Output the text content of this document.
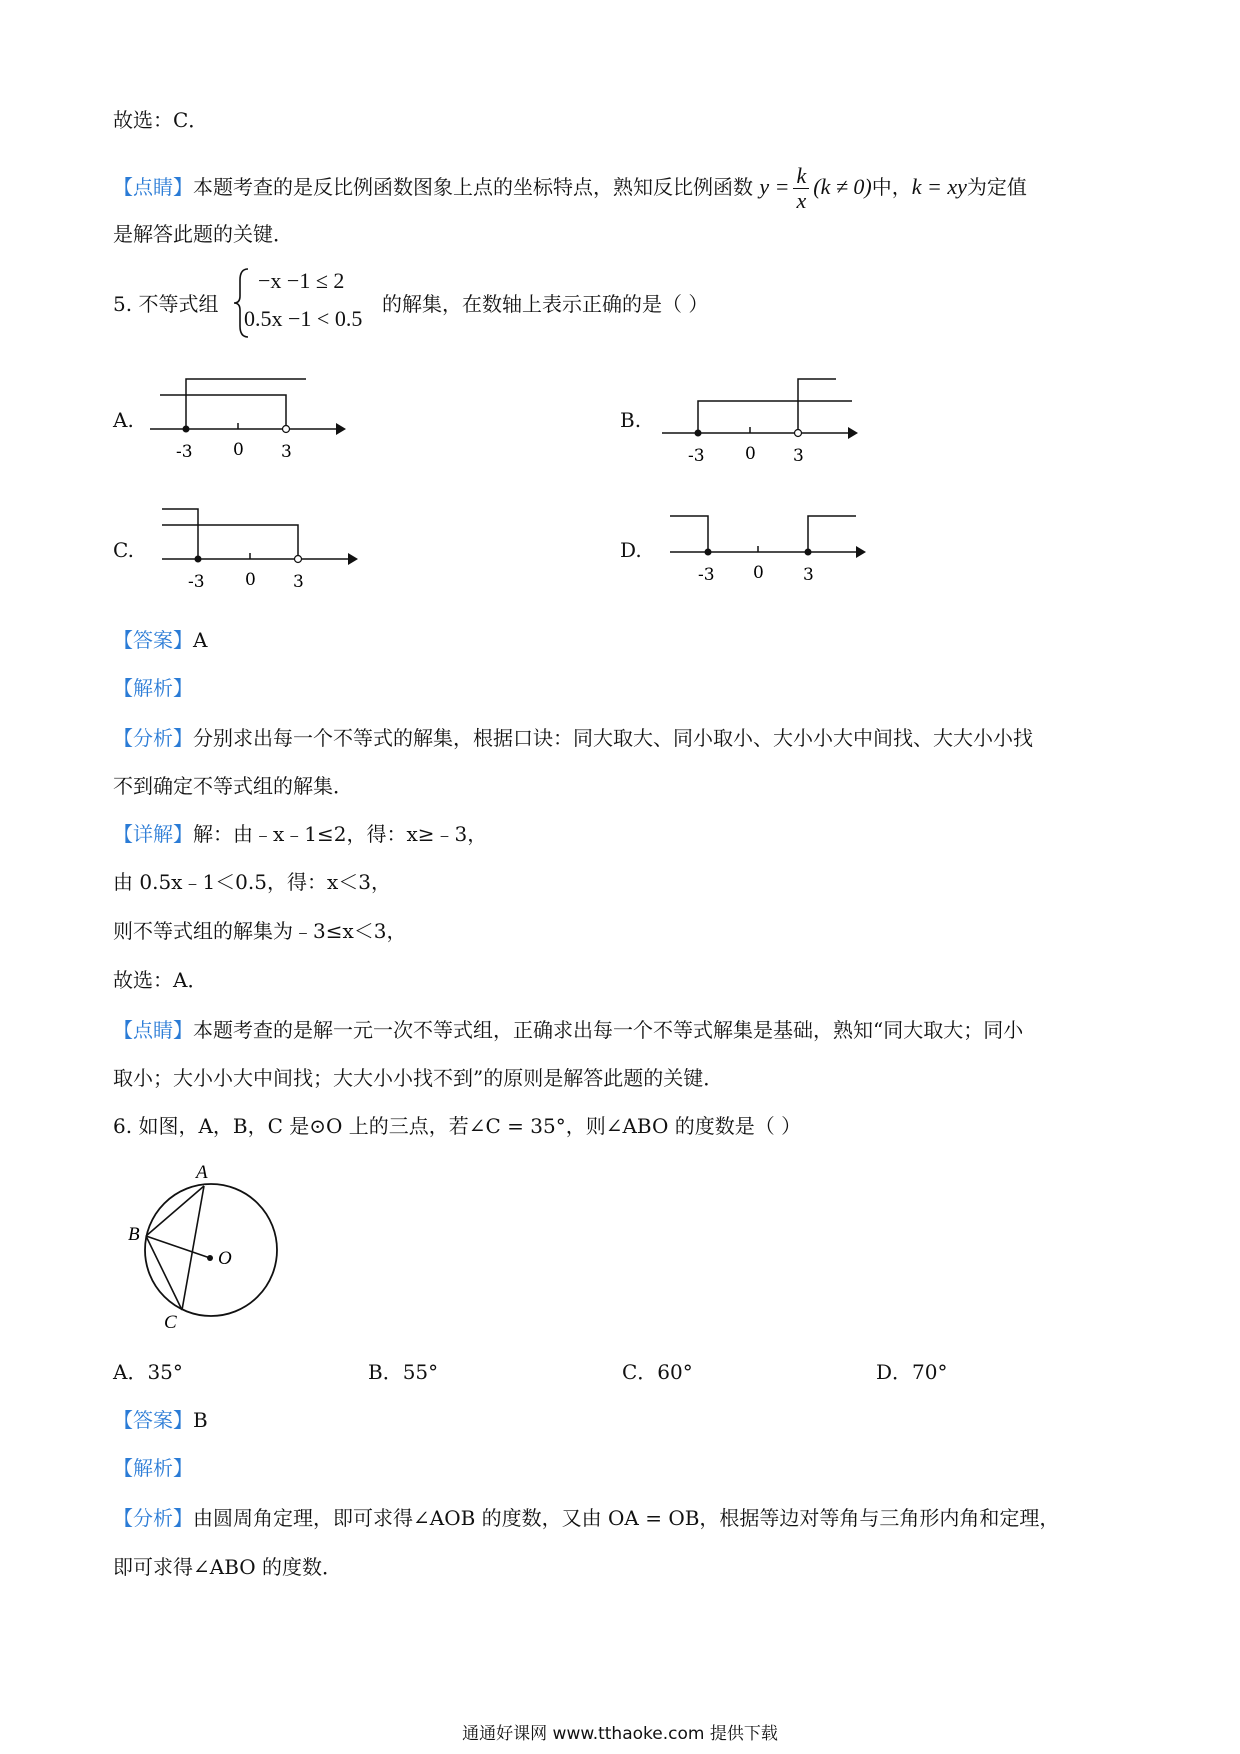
故选：C．
【点睛】本题考查的是反比例函数图象上点的坐标特点，熟知反比例函数 $y = \frac{k}{x} (k \ne 0)$中，k = xy为定值
是解答此题的关键．
5. 不等式组
−x −1 ≤ 2
0.5x −1 < 0.5
的解集，在数轴上表示正确的是（ ）
A.
-3 0 3
B.
-3 0 3
C.
-3 0 3
D.
-3 0 3
【答案】A
【解析】
【分析】分别求出每一个不等式的解集，根据口诀：同大取大、同小取小、大小小大中间找、大大小小找
不到确定不等式组的解集．
【详解】解：由﹣x﹣1≤2，得：x≥﹣3，
由 0.5x﹣1＜0.5，得：x＜3，
则不等式组的解集为﹣3≤x＜3，
故选：A．
【点睛】本题考查的是解一元一次不等式组，正确求出每一个不等式解集是基础，熟知“同大取大；同小
取小；大小小大中间找；大大小小找不到”的原则是解答此题的关键．
6. 如图，A，B，C 是⊙O 上的三点，若∠C = 35°，则∠ABO 的度数是（ ）
A
B
O
C
A．35°	B．55°	C．60°	D．70°
【答案】B
【解析】
【分析】由圆周角定理，即可求得∠AOB 的度数，又由 OA = OB，根据等边对等角与三角形内角和定理，
即可求得∠ABO 的度数．
通通好课网 www.tthaoke.com 提供下载
